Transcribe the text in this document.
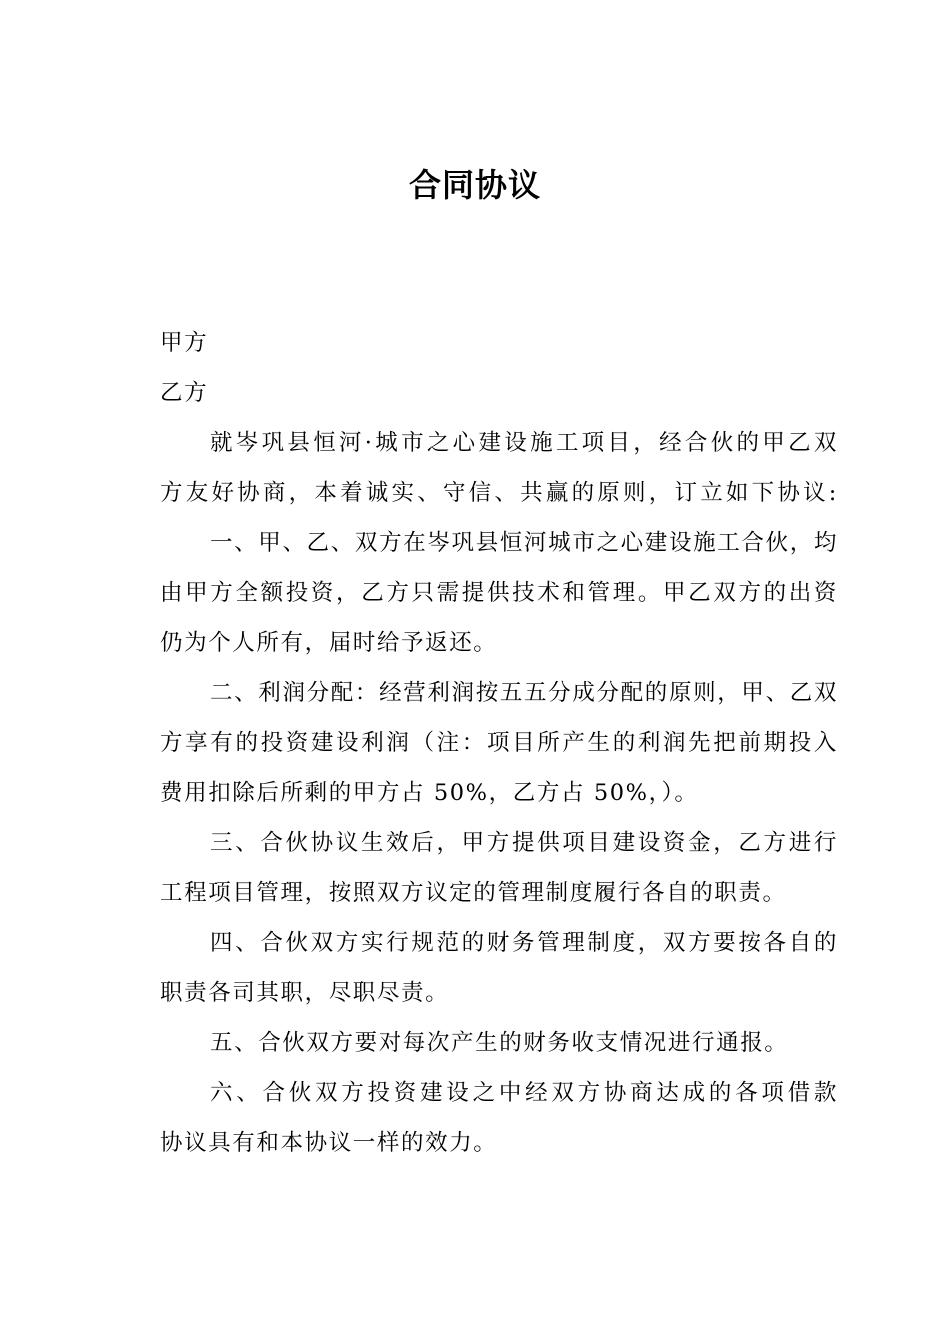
合同协议

甲方

乙方

就岑巩县恒河·城市之心建设施工项目，经合伙的甲乙双

方友好协商，本着诚实、守信、共赢的原则，订立如下协议:

一、甲、乙、双方在岑巩县恒河城市之心建设施工合伙，均

由甲方全额投资，乙方只需提供技术和管理。甲乙双方的出资

仍为个人所有，届时给予返还。

二、利润分配：经营利润按五五分成分配的原则，甲、乙双

方享有的投资建设利润（注：项目所产生的利润先把前期投入

费用扣除后所剩的甲方占 50%，乙方占 50%，）。

三、合伙协议生效后，甲方提供项目建设资金，乙方进行

工程项目管理，按照双方议定的管理制度履行各自的职责。

四、合伙双方实行规范的财务管理制度，双方要按各自的

职责各司其职，尽职尽责。

五、合伙双方要对每次产生的财务收支情况进行通报。

六、合伙双方投资建设之中经双方协商达成的各项借款

协议具有和本协议一样的效力。
